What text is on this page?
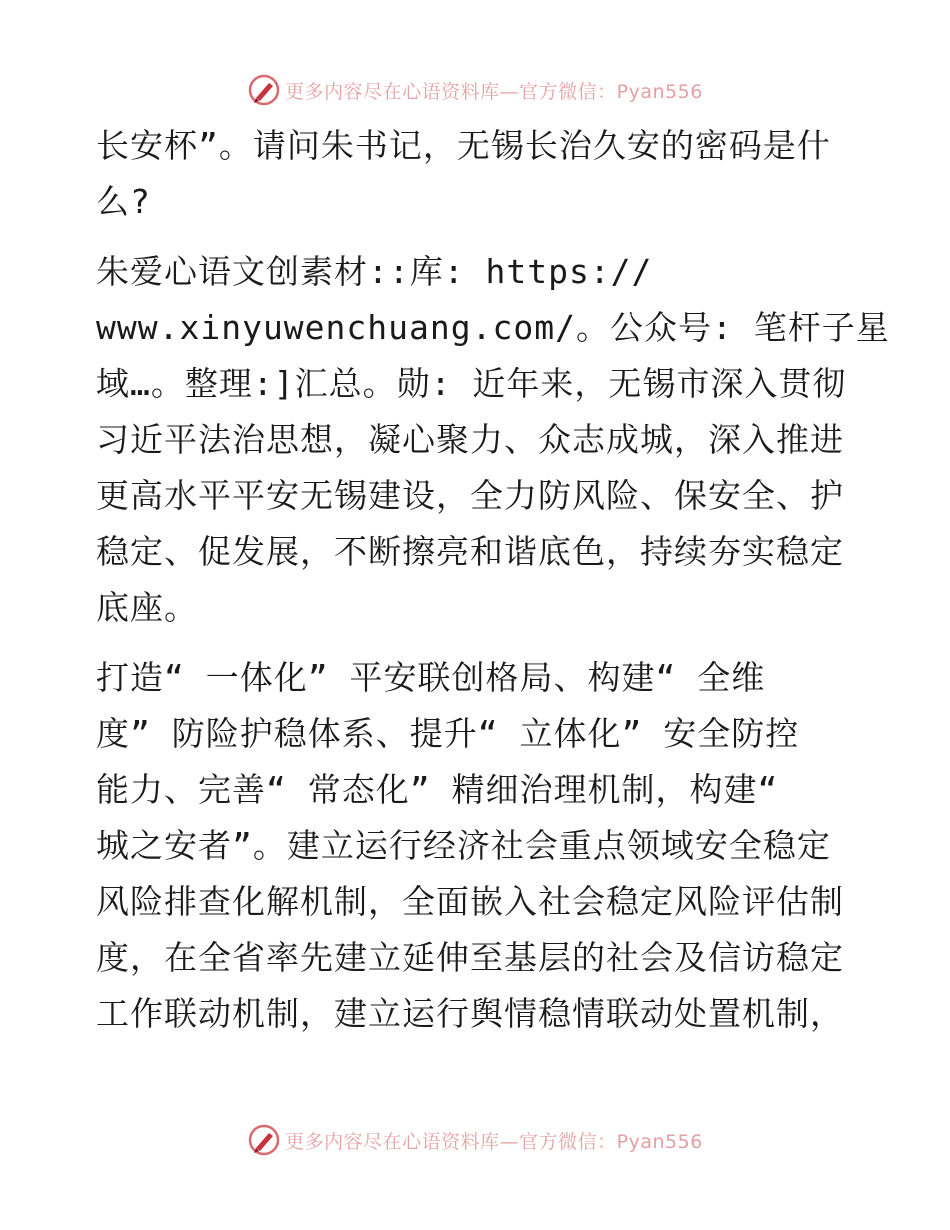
更多内容尽在心语资料库—官方微信：Pyan556
长安杯”。请问朱书记，无锡长治久安的密码是什
么?
朱爱心语文创素材::库: https://
www.xinyuwenchuang.com/。公众号: 笔杆子星
域…。整理:]汇总。勋: 近年来，无锡市深入贯彻
习近平法治思想，凝心聚力、众志成城，深入推进
更高水平平安无锡建设，全力防风险、保安全、护
稳定、促发展，不断擦亮和谐底色，持续夯实稳定
底座。
打造“ 一体化” 平安联创格局、构建“ 全维
度” 防险护稳体系、提升“ 立体化” 安全防控
能力、完善“ 常态化” 精细治理机制，构建“
城之安者”。建立运行经济社会重点领域安全稳定
风险排查化解机制，全面嵌入社会稳定风险评估制
度，在全省率先建立延伸至基层的社会及信访稳定
工作联动机制，建立运行舆情稳情联动处置机制，
更多内容尽在心语资料库—官方微信：Pyan556
